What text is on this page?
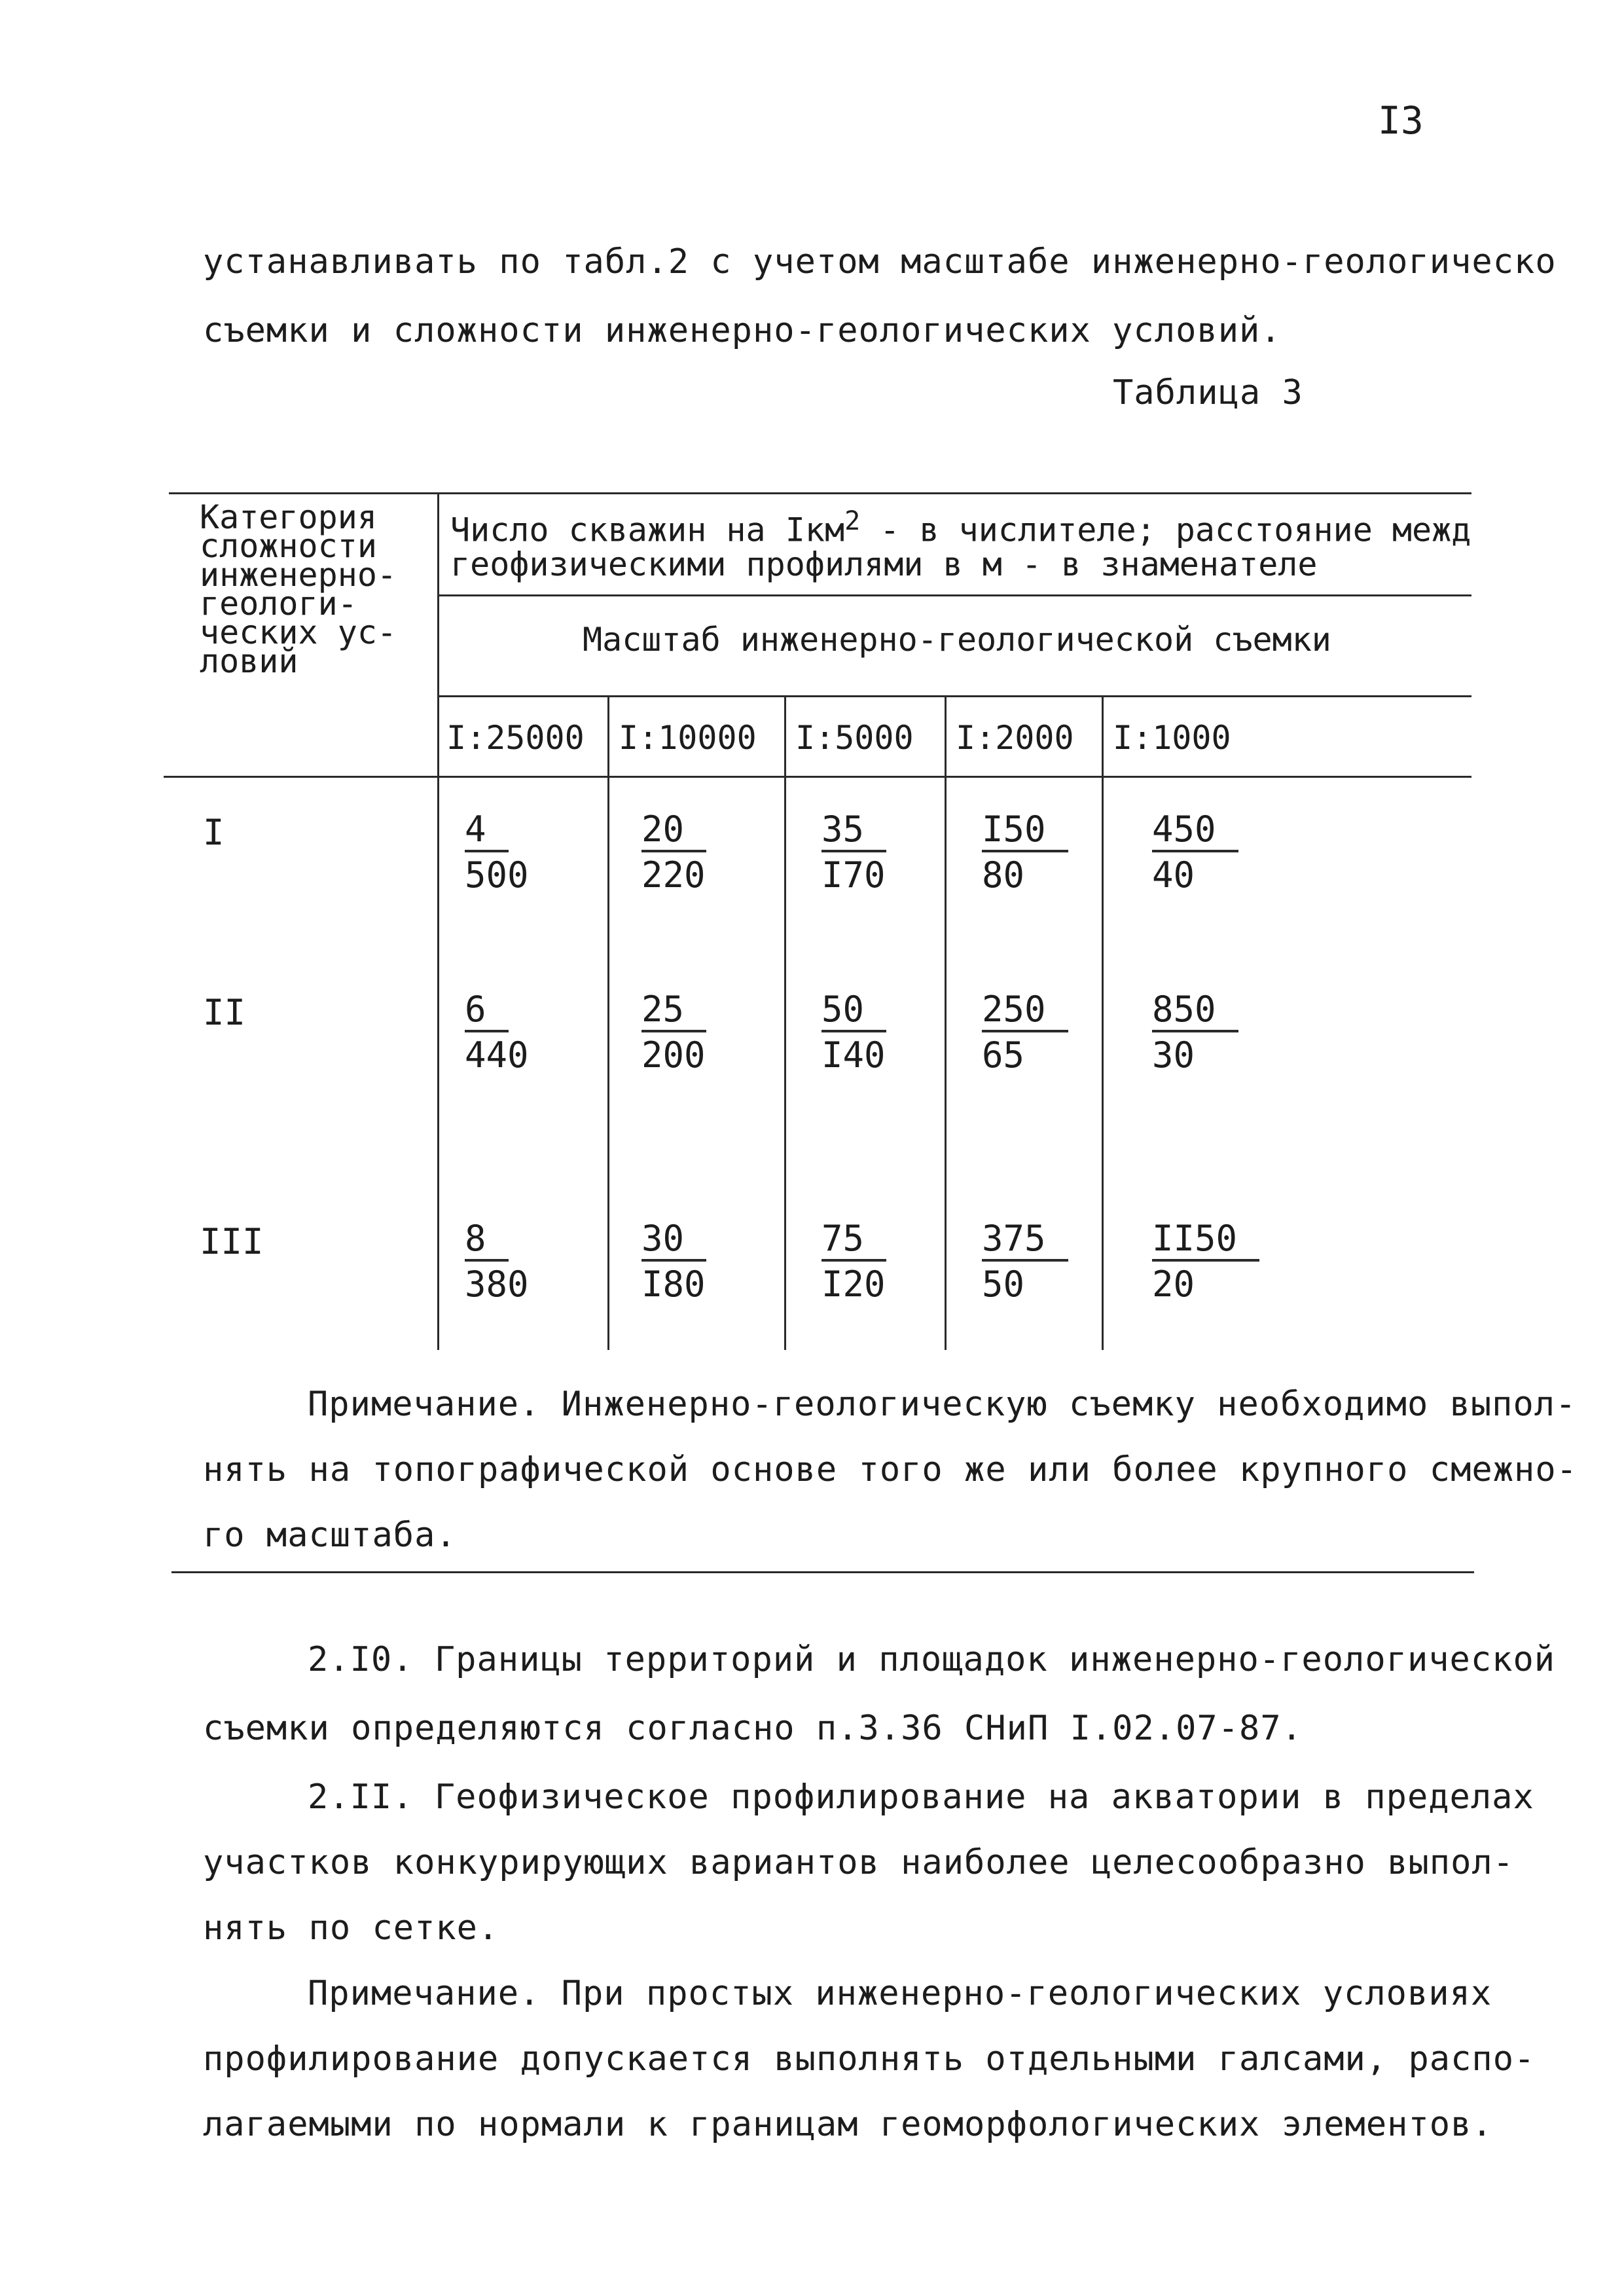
I3
устанавливать по табл.2 с учетом масштабе инженерно-геологическо
съемки и сложности инженерно-геологических условий.
Таблица 3
Категория
сложности
инженерно-
геологи-
ческих ус-
ловий
Число скважин на Iкм$^2$ - в числителе; расстояние межд
геофизическими профилями в м - в знаменателе
Масштаб инженерно-геологической съемки
I:25000 I:10000 I:5000 I:2000 I:1000
I	$\frac{4}{500}$	$\frac{20}{220}$	$\frac{35}{I70}$	$\frac{I50}{80} \frac{450}{40}$
II	$\frac{6}{440}$	$\frac{25}{200}$	$\frac{50}{I40}$	$\frac{250}{65} \frac{850}{30}$
III	$\frac{8}{380}$	$\frac{30}{I80}$	$\frac{75}{I20}$	$\frac{375}{50} \frac{II50}{20}$
Примечание. Инженерно-геологическую съемку необходимо выпол-
нять на топографической основе того же или более крупного смежно-
го масштаба.
2.I0. Границы территорий и площадок инженерно-геологической
съемки определяются согласно п.3.36 СНиП I.02.07-87.
2.II. Геофизическое профилирование на акватории в пределах
участков конкурирующих вариантов наиболее целесообразно выпол-
нять по сетке.
Примечание. При простых инженерно-геологических условиях
профилирование допускается выполнять отдельными галсами, распо-
лагаемыми по нормали к границам геоморфологических элементов.
